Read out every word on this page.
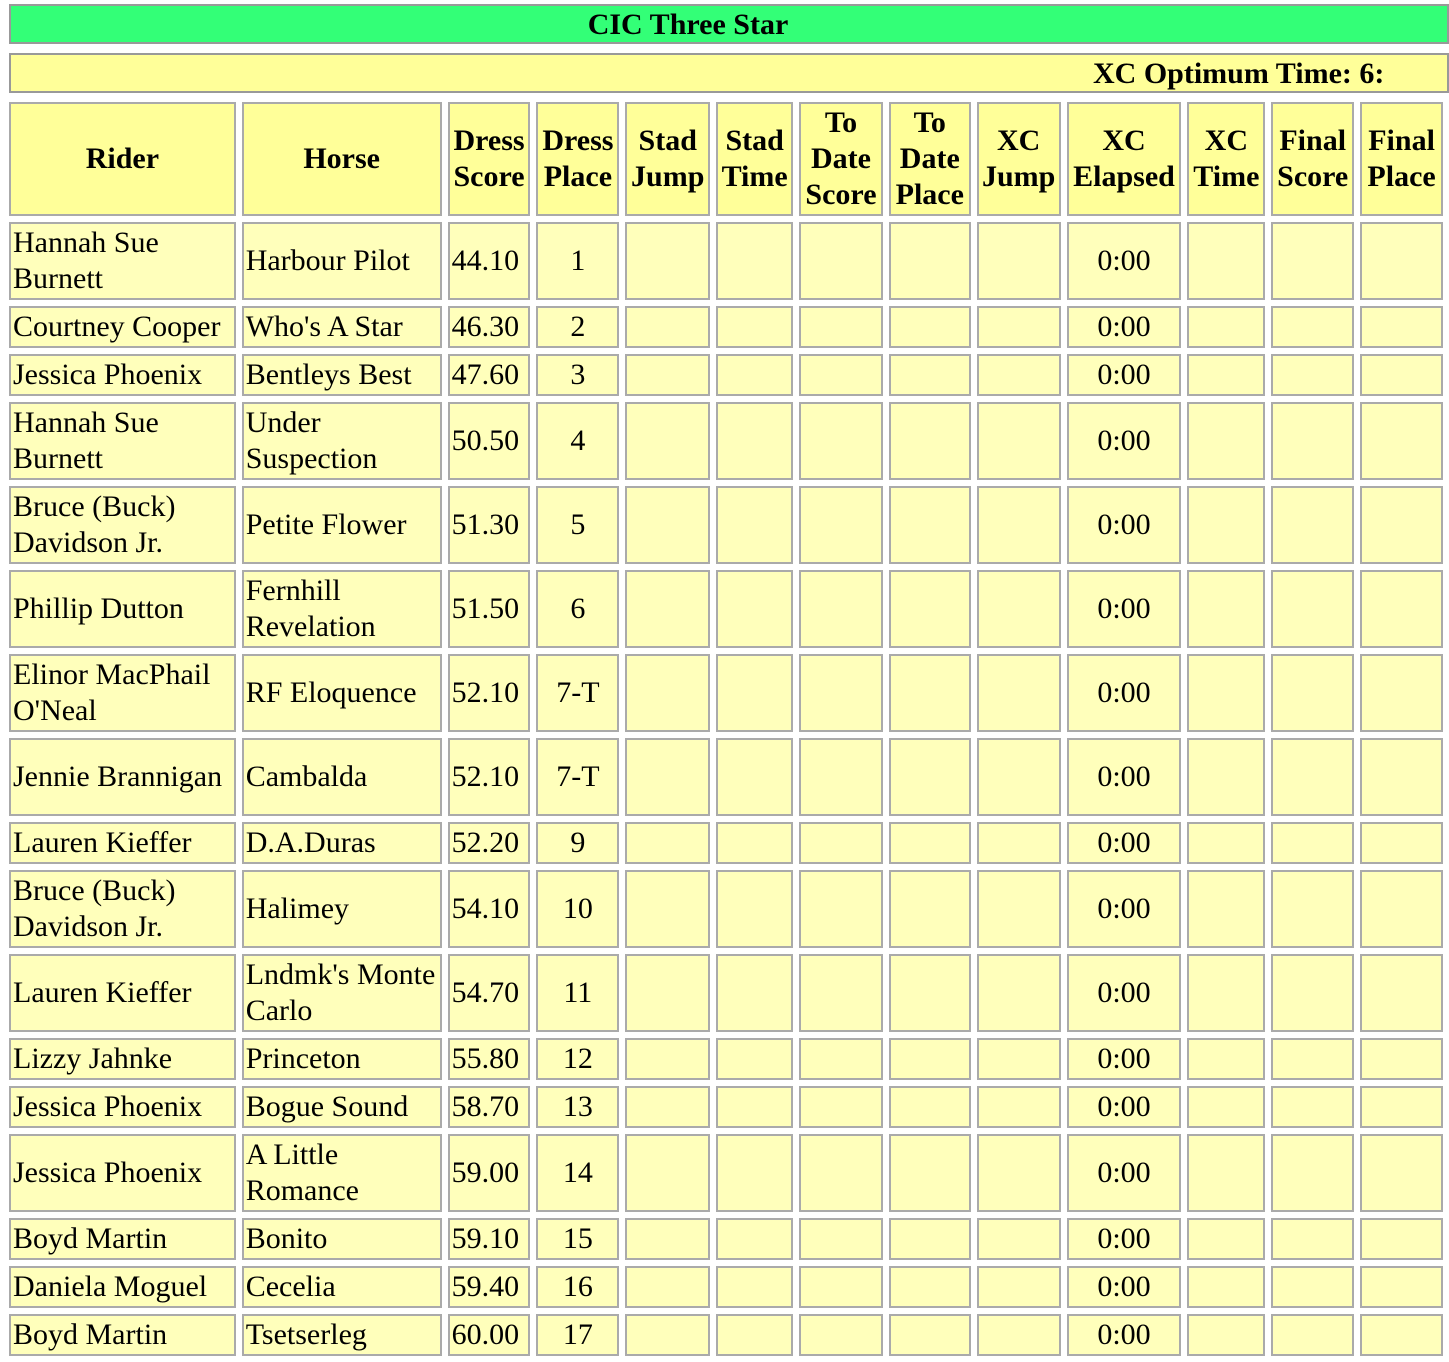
CIC Three Star
XC Optimum Time: 6:
Rider	Horse	Dress Score	Dress Place	Stad Jump	Stad Time	To Date Score	To Date Place	XC Jump	XC Elapsed	XC Time	Final Score	Final Place
Hannah Sue Burnett	Harbour Pilot	44.10	1						0:00			
Courtney Cooper	Who's A Star	46.30	2						0:00			
Jessica Phoenix	Bentleys Best	47.60	3						0:00			
Hannah Sue Burnett	Under Suspection	50.50	4						0:00			
Bruce (Buck) Davidson Jr.	Petite Flower	51.30	5						0:00			
Phillip Dutton	Fernhill Revelation	51.50	6						0:00			
Elinor MacPhail O'Neal	RF Eloquence	52.10	7-T						0:00			
Jennie Brannigan	Cambalda	52.10	7-T						0:00			
Lauren Kieffer	D.A.Duras	52.20	9						0:00			
Bruce (Buck) Davidson Jr.	Halimey	54.10	10						0:00			
Lauren Kieffer	Lndmk's Monte Carlo	54.70	11						0:00			
Lizzy Jahnke	Princeton	55.80	12						0:00			
Jessica Phoenix	Bogue Sound	58.70	13						0:00			
Jessica Phoenix	A Little Romance	59.00	14						0:00			
Boyd Martin	Bonito	59.10	15						0:00			
Daniela Moguel	Cecelia	59.40	16						0:00			
Boyd Martin	Tsetserleg	60.00	17						0:00			
